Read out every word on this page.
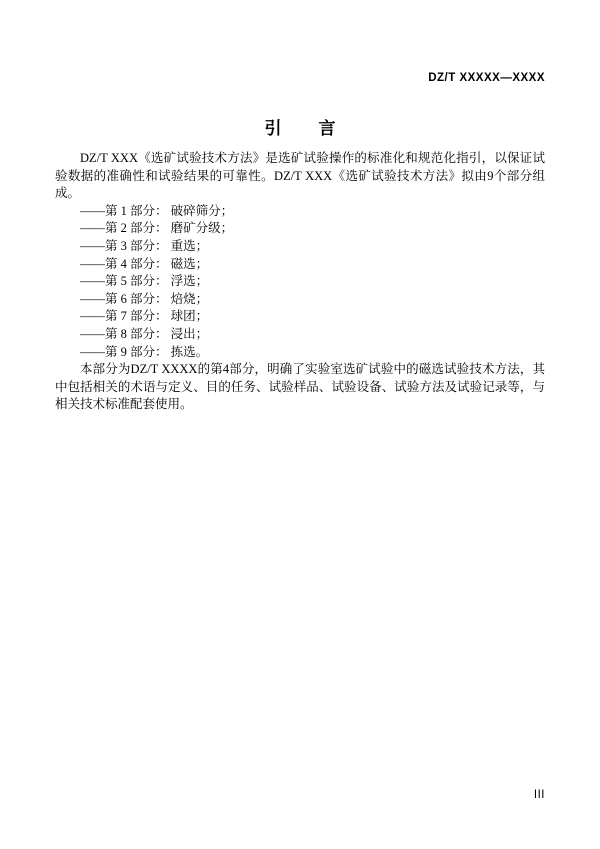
DZ/T XXXXX—XXXX
引　言

DZ/T XXX《选矿试验技术方法》是选矿试验操作的标准化和规范化指引，以保证试验数据的准确性和试验结果的可靠性。DZ/T XXX《选矿试验技术方法》拟由9个部分组成。

——第 1 部分： 破碎筛分；
——第 2 部分： 磨矿分级；
——第 3 部分： 重选；
——第 4 部分： 磁选；
——第 5 部分： 浮选；
——第 6 部分： 焙烧；
——第 7 部分： 球团；
——第 8 部分： 浸出；
——第 9 部分： 拣选。

本部分为DZ/T XXXX的第4部分，明确了实验室选矿试验中的磁选试验技术方法，其中包括相关的术语与定义、目的任务、试验样品、试验设备、试验方法及试验记录等，与相关技术标准配套使用。

III
